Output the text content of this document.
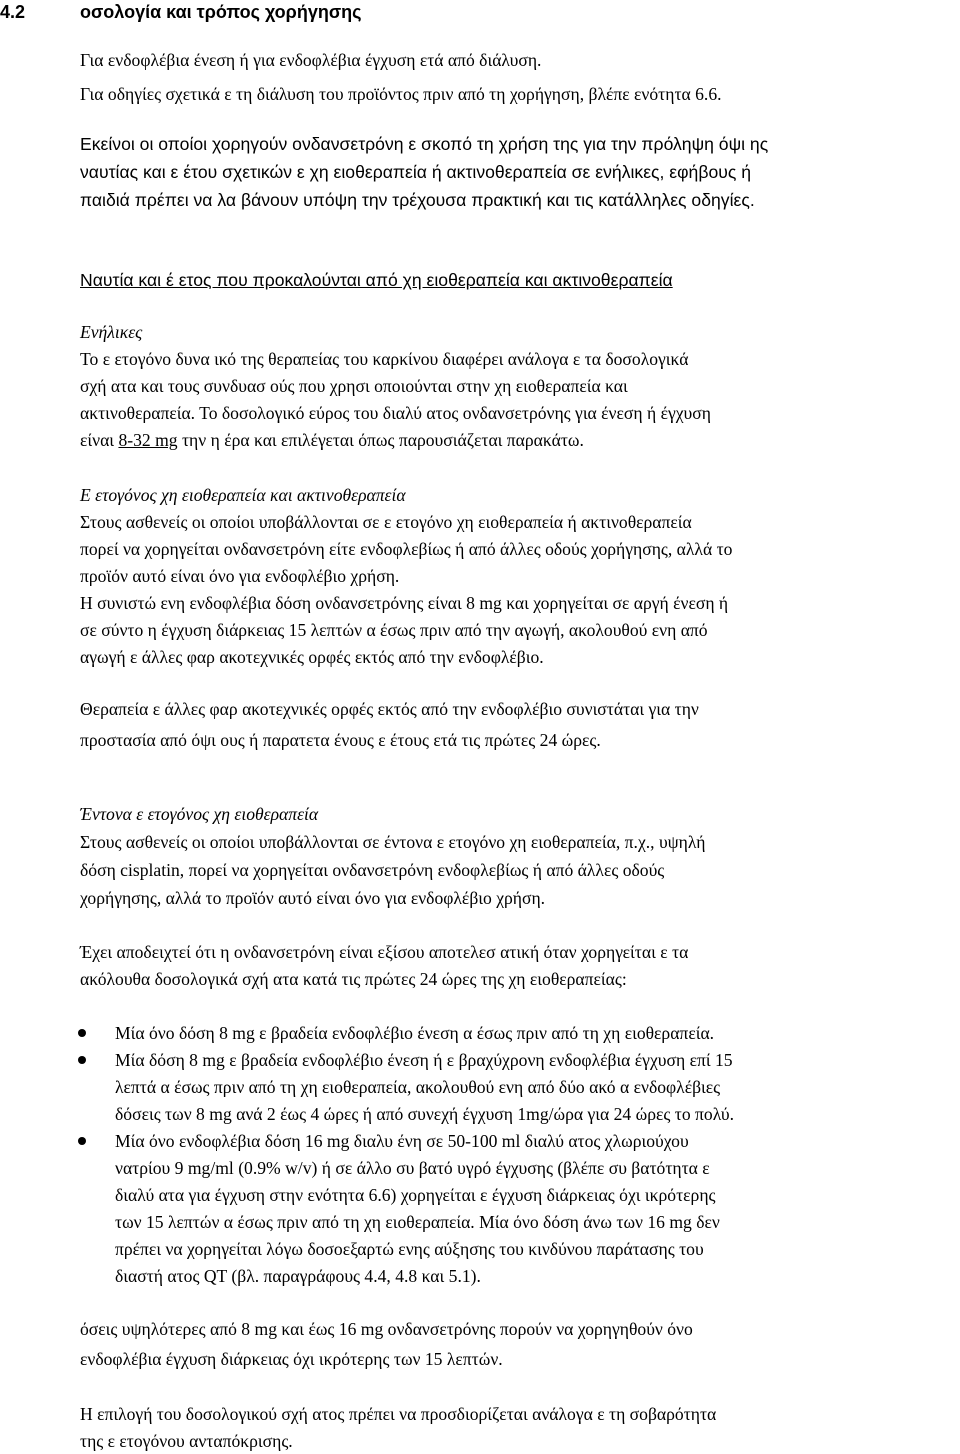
4.2	οσολογία και τρόπος χορήγησης
Για ενδοφλέβια ένεση ή για ενδοφλέβια έγχυση ετά από διάλυση.
Για οδηγίες σχετικά ε τη διάλυση του προϊόντος πριν από τη χορήγηση, βλέπε ενότητα 6.6.
Εκείνοι οι οποίοι χορηγούν ονδανσετρόνη ε σκοπό τη χρήση της για την πρόληψη όψι ης
ναυτίας και ε έτου σχετικών ε χη ειοθεραπεία ή ακτινοθεραπεία σε ενήλικες, εφήβους ή
παιδιά πρέπει να λα βάνουν υπόψη την τρέχουσα πρακτική και τις κατάλληλες οδηγίες.
Ναυτία και έ ετος που προκαλούνται από χη ειοθεραπεία και ακτινοθεραπεία
Ενήλικες
Το ε ετογόνο δυνα ικό της θεραπείας του καρκίνου διαφέρει ανάλογα ε τα δοσολογικά
σχή ατα και τους συνδυασ ούς που χρησι οποιούνται στην χη ειοθεραπεία και
ακτινοθεραπεία. Το δοσολογικό εύρος του διαλύ ατος ονδανσετρόνης για ένεση ή έγχυση
είναι 8-32 mg την η έρα και επιλέγεται όπως παρουσιάζεται παρακάτω.
Ε ετογόνος χη ειοθεραπεία και ακτινοθεραπεία
Στους ασθενείς οι οποίοι υποβάλλονται σε ε ετογόνο χη ειοθεραπεία ή ακτινοθεραπεία
πορεί να χορηγείται ονδανσετρόνη είτε ενδοφλεβίως ή από άλλες οδούς χορήγησης, αλλά το
προϊόν αυτό είναι όνο για ενδοφλέβιο χρήση.
Η συνιστώ ενη ενδοφλέβια δόση ονδανσετρόνης είναι 8 mg και χορηγείται σε αργή ένεση ή
σε σύντο η έγχυση διάρκειας 15 λεπτών α έσως πριν από την αγωγή, ακολουθού ενη από
αγωγή ε άλλες φαρ ακοτεχνικές ορφές εκτός από την ενδοφλέβιο.
Θεραπεία ε άλλες φαρ ακοτεχνικές ορφές εκτός από την ενδοφλέβιο συνιστάται για την
προστασία από όψι ους ή παρατετα ένους ε έτους ετά τις πρώτες 24 ώρες.
Έντονα ε ετογόνος χη ειοθεραπεία
Στους ασθενείς οι οποίοι υποβάλλονται σε έντονα ε ετογόνο χη ειοθεραπεία, π.χ., υψηλή
δόση cisplatin, πορεί να χορηγείται ονδανσετρόνη ενδοφλεβίως ή από άλλες οδούς
χορήγησης, αλλά το προϊόν αυτό είναι όνο για ενδοφλέβιο χρήση.
Έχει αποδειχτεί ότι η ονδανσετρόνη είναι εξίσου αποτελεσ ατική όταν χορηγείται ε τα
ακόλουθα δοσολογικά σχή ατα κατά τις πρώτες 24 ώρες της χη ειοθεραπείας:
Μία όνο δόση 8 mg ε βραδεία ενδοφλέβιο ένεση α έσως πριν από τη χη ειοθεραπεία.
Μία δόση 8 mg ε βραδεία ενδοφλέβιο ένεση ή ε βραχύχρονη ενδοφλέβια έγχυση επί 15
λεπτά α έσως πριν από τη χη ειοθεραπεία, ακολουθού ενη από δύο ακό α ενδοφλέβιες
δόσεις των 8 mg ανά 2 έως 4 ώρες ή από συνεχή έγχυση 1mg/ώρα για 24 ώρες το πολύ.
Μία όνο ενδοφλέβια δόση 16 mg διαλυ ένη σε 50-100 ml διαλύ ατος χλωριούχου
νατρίου 9 mg/ml (0.9% w/v) ή σε άλλο συ βατό υγρό έγχυσης (βλέπε συ βατότητα ε
διαλύ ατα για έγχυση στην ενότητα 6.6) χορηγείται ε έγχυση διάρκειας όχι ικρότερης
των 15 λεπτών α έσως πριν από τη χη ειοθεραπεία. Μία όνο δόση άνω των 16 mg δεν
πρέπει να χορηγείται λόγω δοσοεξαρτώ ενης αύξησης του κινδύνου παράτασης του
διαστή ατος QT (βλ. παραγράφους 4.4, 4.8 και 5.1).
όσεις υψηλότερες από 8 mg και έως 16 mg ονδανσετρόνης πορούν να χορηγηθούν όνο
ενδοφλέβια έγχυση διάρκειας όχι ικρότερης των 15 λεπτών.
Η επιλογή του δοσολογικού σχή ατος πρέπει να προσδιορίζεται ανάλογα ε τη σοβαρότητα
της ε ετογόνου ανταπόκρισης.
